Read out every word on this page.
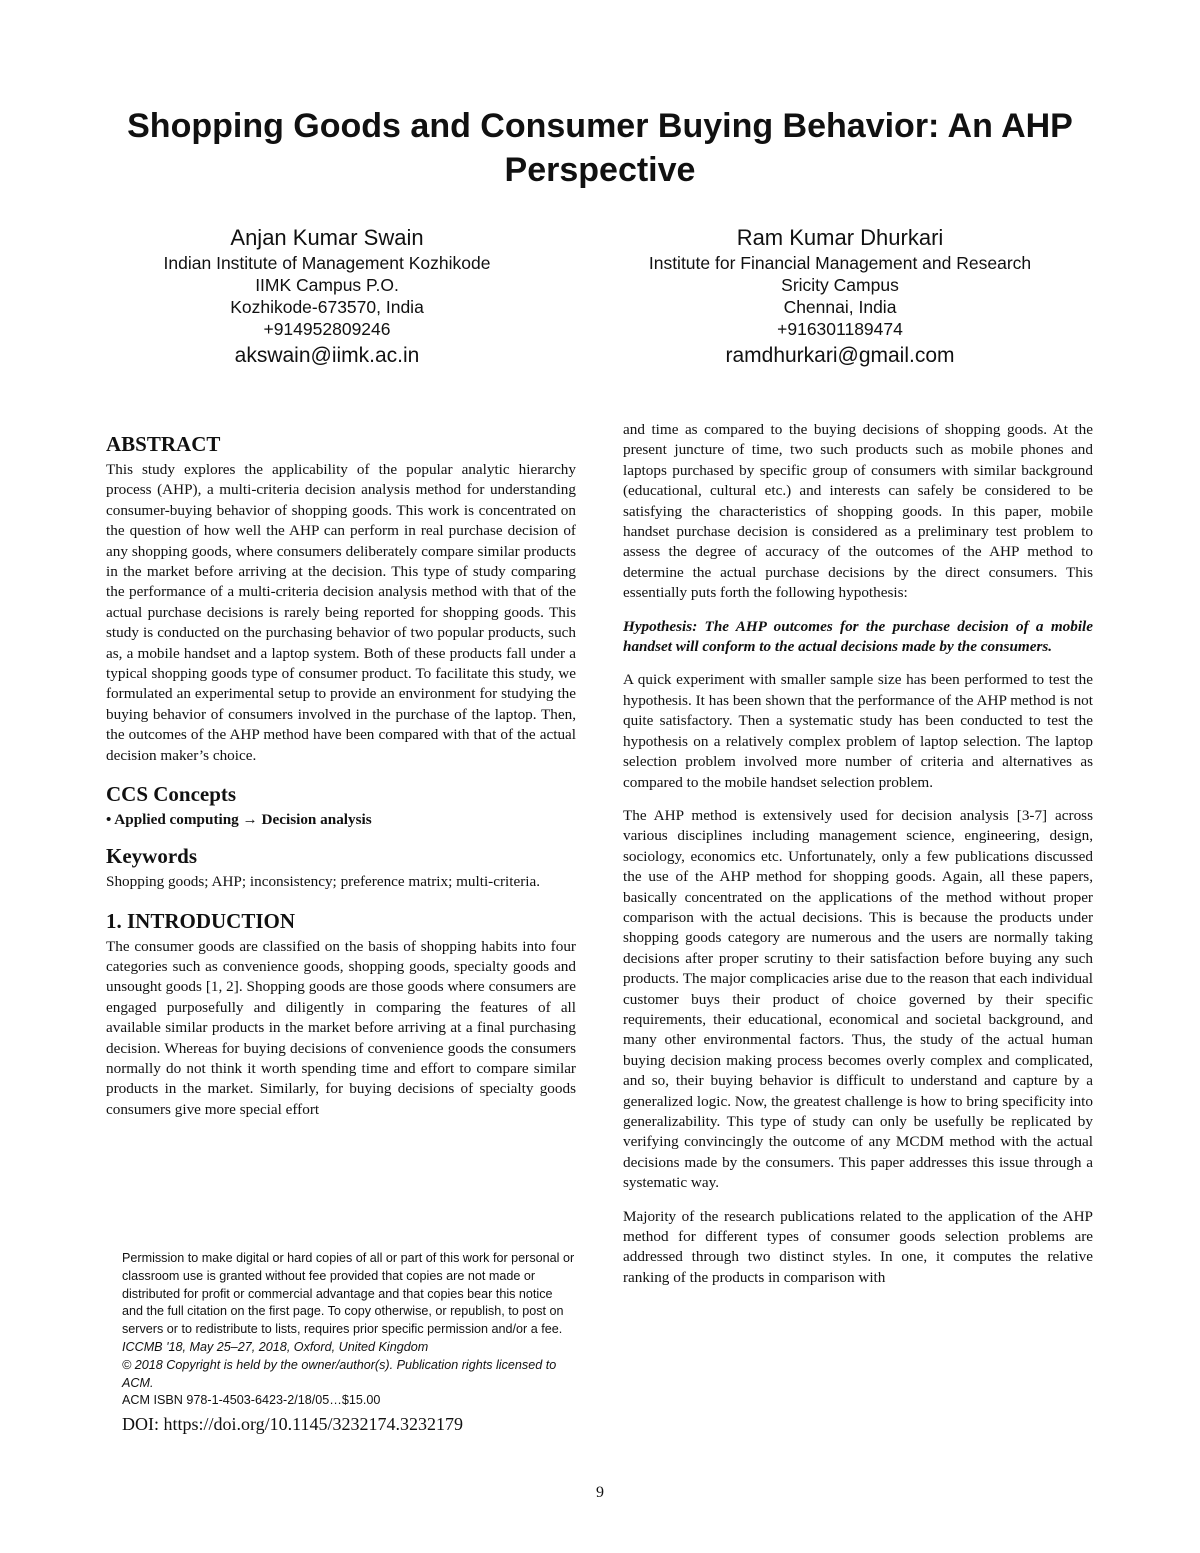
Shopping Goods and Consumer Buying Behavior: An AHP Perspective
Anjan Kumar Swain
Indian Institute of Management Kozhikode
IIMK Campus P.O.
Kozhikode-673570, India
+914952809246
akswain@iimk.ac.in
Ram Kumar Dhurkari
Institute for Financial Management and Research
Sricity Campus
Chennai, India
+916301189474
ramdhurkari@gmail.com
ABSTRACT

This study explores the applicability of the popular analytic hierarchy process (AHP), a multi-criteria decision analysis method for understanding consumer-buying behavior of shopping goods. This work is concentrated on the question of how well the AHP can perform in real purchase decision of any shopping goods, where consumers deliberately compare similar products in the market before arriving at the decision. This type of study comparing the performance of a multi-criteria decision analysis method with that of the actual purchase decisions is rarely being reported for shopping goods. This study is conducted on the purchasing behavior of two popular products, such as, a mobile handset and a laptop system. Both of these products fall under a typical shopping goods type of consumer product. To facilitate this study, we formulated an experimental setup to provide an environment for studying the buying behavior of consumers involved in the purchase of the laptop. Then, the outcomes of the AHP method have been compared with that of the actual decision maker’s choice.

CCS Concepts
• Applied computing → Decision analysis
Keywords

Shopping goods; AHP; inconsistency; preference matrix; multi-criteria.

1. INTRODUCTION

The consumer goods are classified on the basis of shopping habits into four categories such as convenience goods, shopping goods, specialty goods and unsought goods [1, 2]. Shopping goods are those goods where consumers are engaged purposefully and diligently in comparing the features of all available similar products in the market before arriving at a final purchasing decision. Whereas for buying decisions of convenience goods the consumers normally do not think it worth spending time and effort to compare similar products in the market. Similarly, for buying decisions of specialty goods consumers give more special effort

Permission to make digital or hard copies of all or part of this work for personal or classroom use is granted without fee provided that copies are not made or distributed for profit or commercial advantage and that copies bear this notice and the full citation on the first page. To copy otherwise, or republish, to post on servers or to redistribute to lists, requires prior specific permission and/or a fee.
ICCMB '18, May 25–27, 2018, Oxford, United Kingdom
© 2018 Copyright is held by the owner/author(s). Publication rights licensed to ACM.
ACM ISBN 978-1-4503-6423-2/18/05…$15.00
DOI: https://doi.org/10.1145/3232174.3232179

and time as compared to the buying decisions of shopping goods. At the present juncture of time, two such products such as mobile phones and laptops purchased by specific group of consumers with similar background (educational, cultural etc.) and interests can safely be considered to be satisfying the characteristics of shopping goods. In this paper, mobile handset purchase decision is considered as a preliminary test problem to assess the degree of accuracy of the outcomes of the AHP method to determine the actual purchase decisions by the direct consumers. This essentially puts forth the following hypothesis:

Hypothesis: The AHP outcomes for the purchase decision of a mobile handset will conform to the actual decisions made by the consumers.

A quick experiment with smaller sample size has been performed to test the hypothesis. It has been shown that the performance of the AHP method is not quite satisfactory. Then a systematic study has been conducted to test the hypothesis on a relatively complex problem of laptop selection. The laptop selection problem involved more number of criteria and alternatives as compared to the mobile handset selection problem.

The AHP method is extensively used for decision analysis [3-7] across various disciplines including management science, engineering, design, sociology, economics etc. Unfortunately, only a few publications discussed the use of the AHP method for shopping goods. Again, all these papers, basically concentrated on the applications of the method without proper comparison with the actual decisions. This is because the products under shopping goods category are numerous and the users are normally taking decisions after proper scrutiny to their satisfaction before buying any such products. The major complicacies arise due to the reason that each individual customer buys their product of choice governed by their specific requirements, their educational, economical and societal background, and many other environmental factors. Thus, the study of the actual human buying decision making process becomes overly complex and complicated, and so, their buying behavior is difficult to understand and capture by a generalized logic. Now, the greatest challenge is how to bring specificity into generalizability. This type of study can only be usefully be replicated by verifying convincingly the outcome of any MCDM method with the actual decisions made by the consumers. This paper addresses this issue through a systematic way.

Majority of the research publications related to the application of the AHP method for different types of consumer goods selection problems are addressed through two distinct styles. In one, it computes the relative ranking of the products in comparison with

9
